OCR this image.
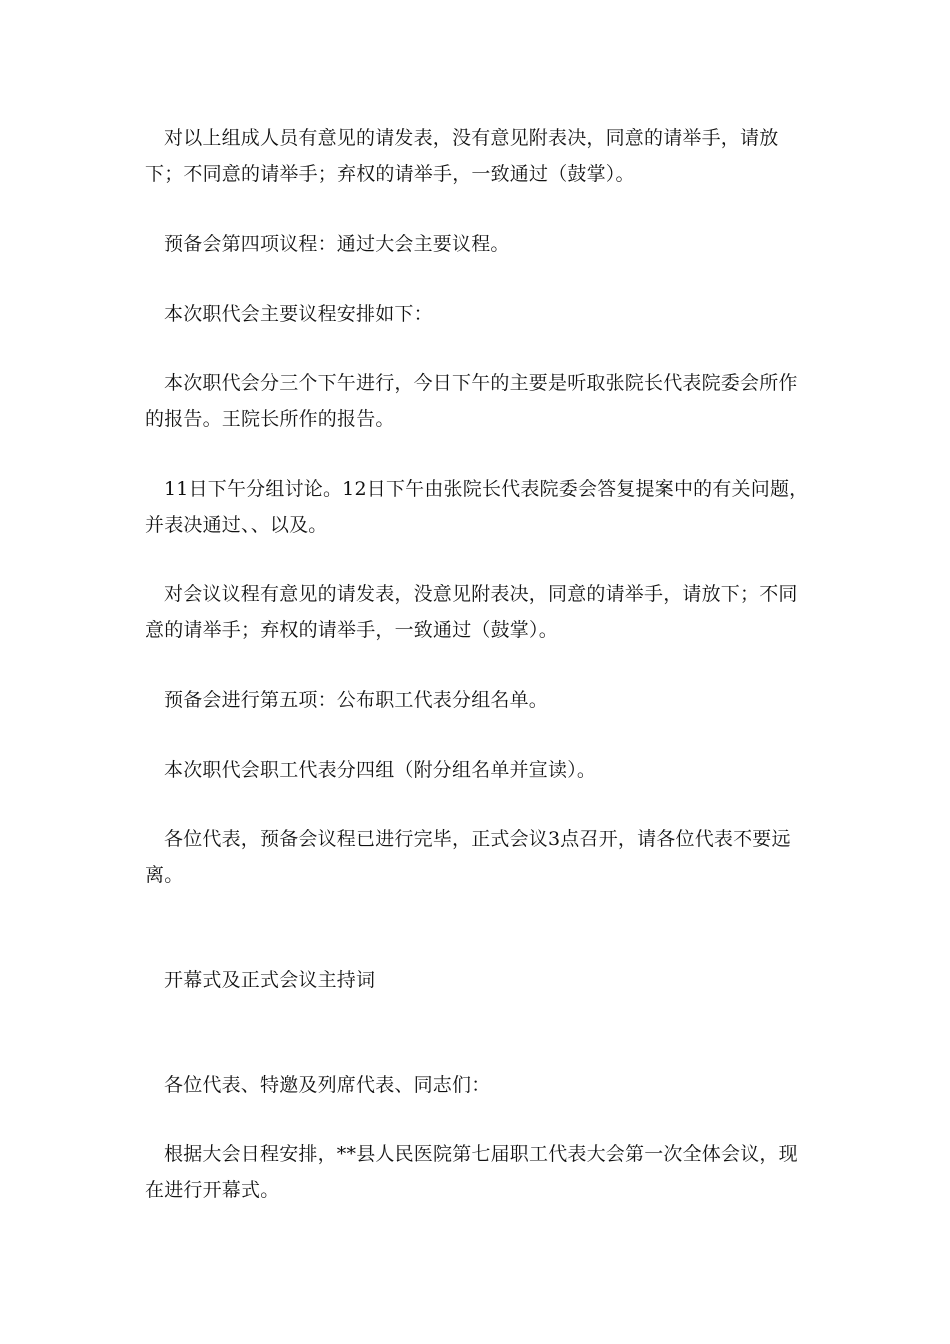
对以上组成人员有意见的请发表，没有意见附表决，同意的请举手，请放下；不同意的请举手；弃权的请举手，一致通过（鼓掌）。

预备会第四项议程：通过大会主要议程。

本次职代会主要议程安排如下：

本次职代会分三个下午进行，今日下午的主要是听取张院长代表院委会所作的报告。王院长所作的报告。

11日下午分组讨论。12日下午由张院长代表院委会答复提案中的有关问题，并表决通过、、以及。

对会议议程有意见的请发表，没意见附表决，同意的请举手，请放下；不同意的请举手；弃权的请举手，一致通过（鼓掌）。

预备会进行第五项：公布职工代表分组名单。

本次职代会职工代表分四组（附分组名单并宣读）。

各位代表，预备会议程已进行完毕，正式会议3点召开，请各位代表不要远离。

开幕式及正式会议主持词

各位代表、特邀及列席代表、同志们：

根据大会日程安排，**县人民医院第七届职工代表大会第一次全体会议，现在进行开幕式。
